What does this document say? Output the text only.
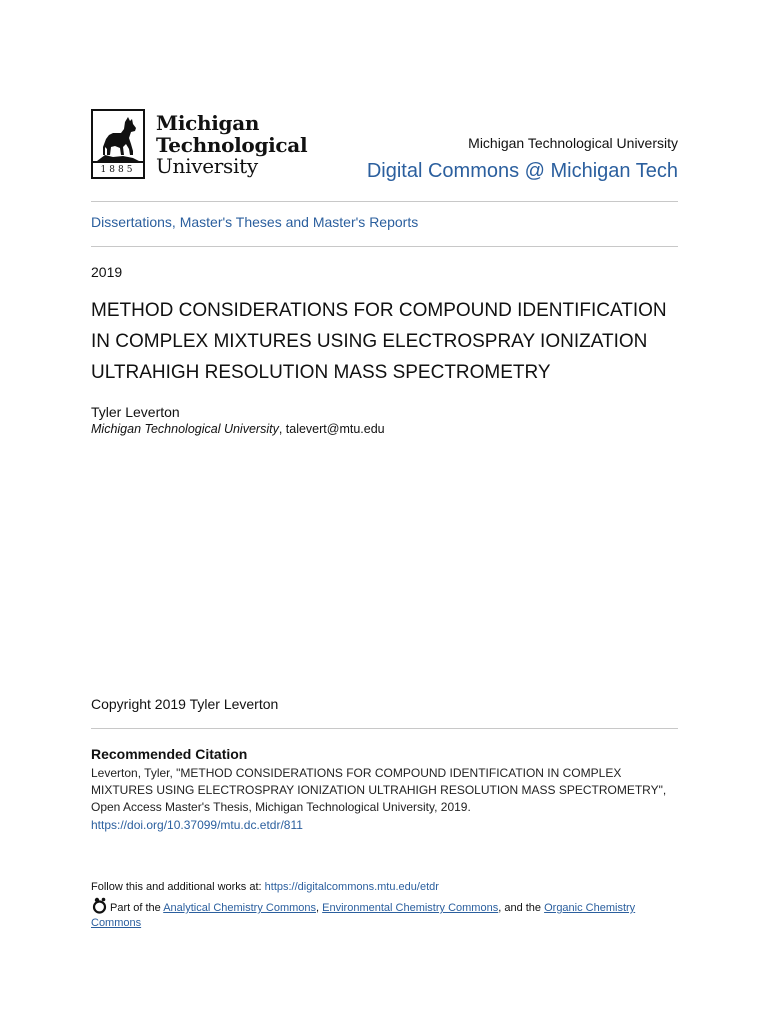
1885
Michigan
Technological
University
Michigan Technological University
Digital Commons @ Michigan Tech
Dissertations, Master's Theses and Master's Reports
2019
METHOD CONSIDERATIONS FOR COMPOUND IDENTIFICATION IN COMPLEX MIXTURES USING ELECTROSPRAY IONIZATION ULTRAHIGH RESOLUTION MASS SPECTROMETRY
Tyler Leverton
Michigan Technological University, talevert@mtu.edu
Copyright 2019 Tyler Leverton
Recommended Citation
Leverton, Tyler, "METHOD CONSIDERATIONS FOR COMPOUND IDENTIFICATION IN COMPLEX MIXTURES USING ELECTROSPRAY IONIZATION ULTRAHIGH RESOLUTION MASS SPECTROMETRY", Open Access Master's Thesis, Michigan Technological University, 2019.
https://doi.org/10.37099/mtu.dc.etdr/811
Follow this and additional works at: https://digitalcommons.mtu.edu/etdr
Part of the Analytical Chemistry Commons, Environmental Chemistry Commons, and the Organic Chemistry Commons
